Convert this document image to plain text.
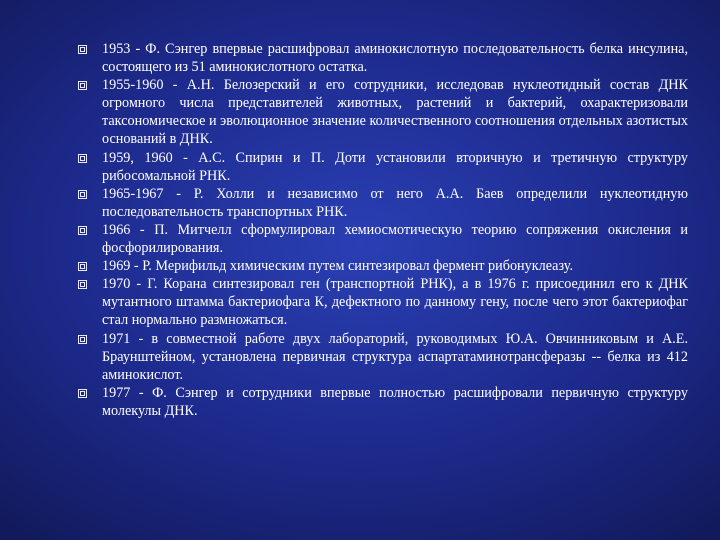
1953 - Ф. Сэнгер впервые расшифровал аминокислотную последовательность белка инсулина, состоящего из 51 аминокислотного остатка.
1955-1960 - А.Н. Белозерский и его сотрудники, исследовав нуклеотидный состав ДНК огромного числа представителей животных, растений и бактерий, охарактеризовали таксономическое и эволюционное значение количественного соотношения отдельных азотистых оснований в ДНК.
1959, 1960 - А.С. Спирин и П. Доти установили вторичную и третичную структуру рибосомальной РНК.
1965-1967 - Р. Холли и независимо от него А.А. Баев определили нуклеотидную последовательность транспортных РНК.
1966 - П. Митчелл сформулировал хемиосмотическую теорию сопряжения окисления и фосфорилирования.
1969 - Р. Мерифильд химическим путем синтезировал фермент рибонуклеазу.
1970 - Г. Корана синтезировал ген (транспортной РНК), а в 1976 г. присоединил его к ДНК мутантного штамма бактериофага К, дефектного по данному гену, после чего этот бактериофаг стал нормально размножаться.
1971 - в совместной работе двух лабораторий, руководимых Ю.А. Овчинниковым и А.Е. Браунштейном, установлена первичная структура аспартатаминотрансферазы -- белка из 412 аминокислот.
1977 - Ф. Сэнгер и сотрудники впервые полностью расшифровали первичную структуру молекулы ДНК.
